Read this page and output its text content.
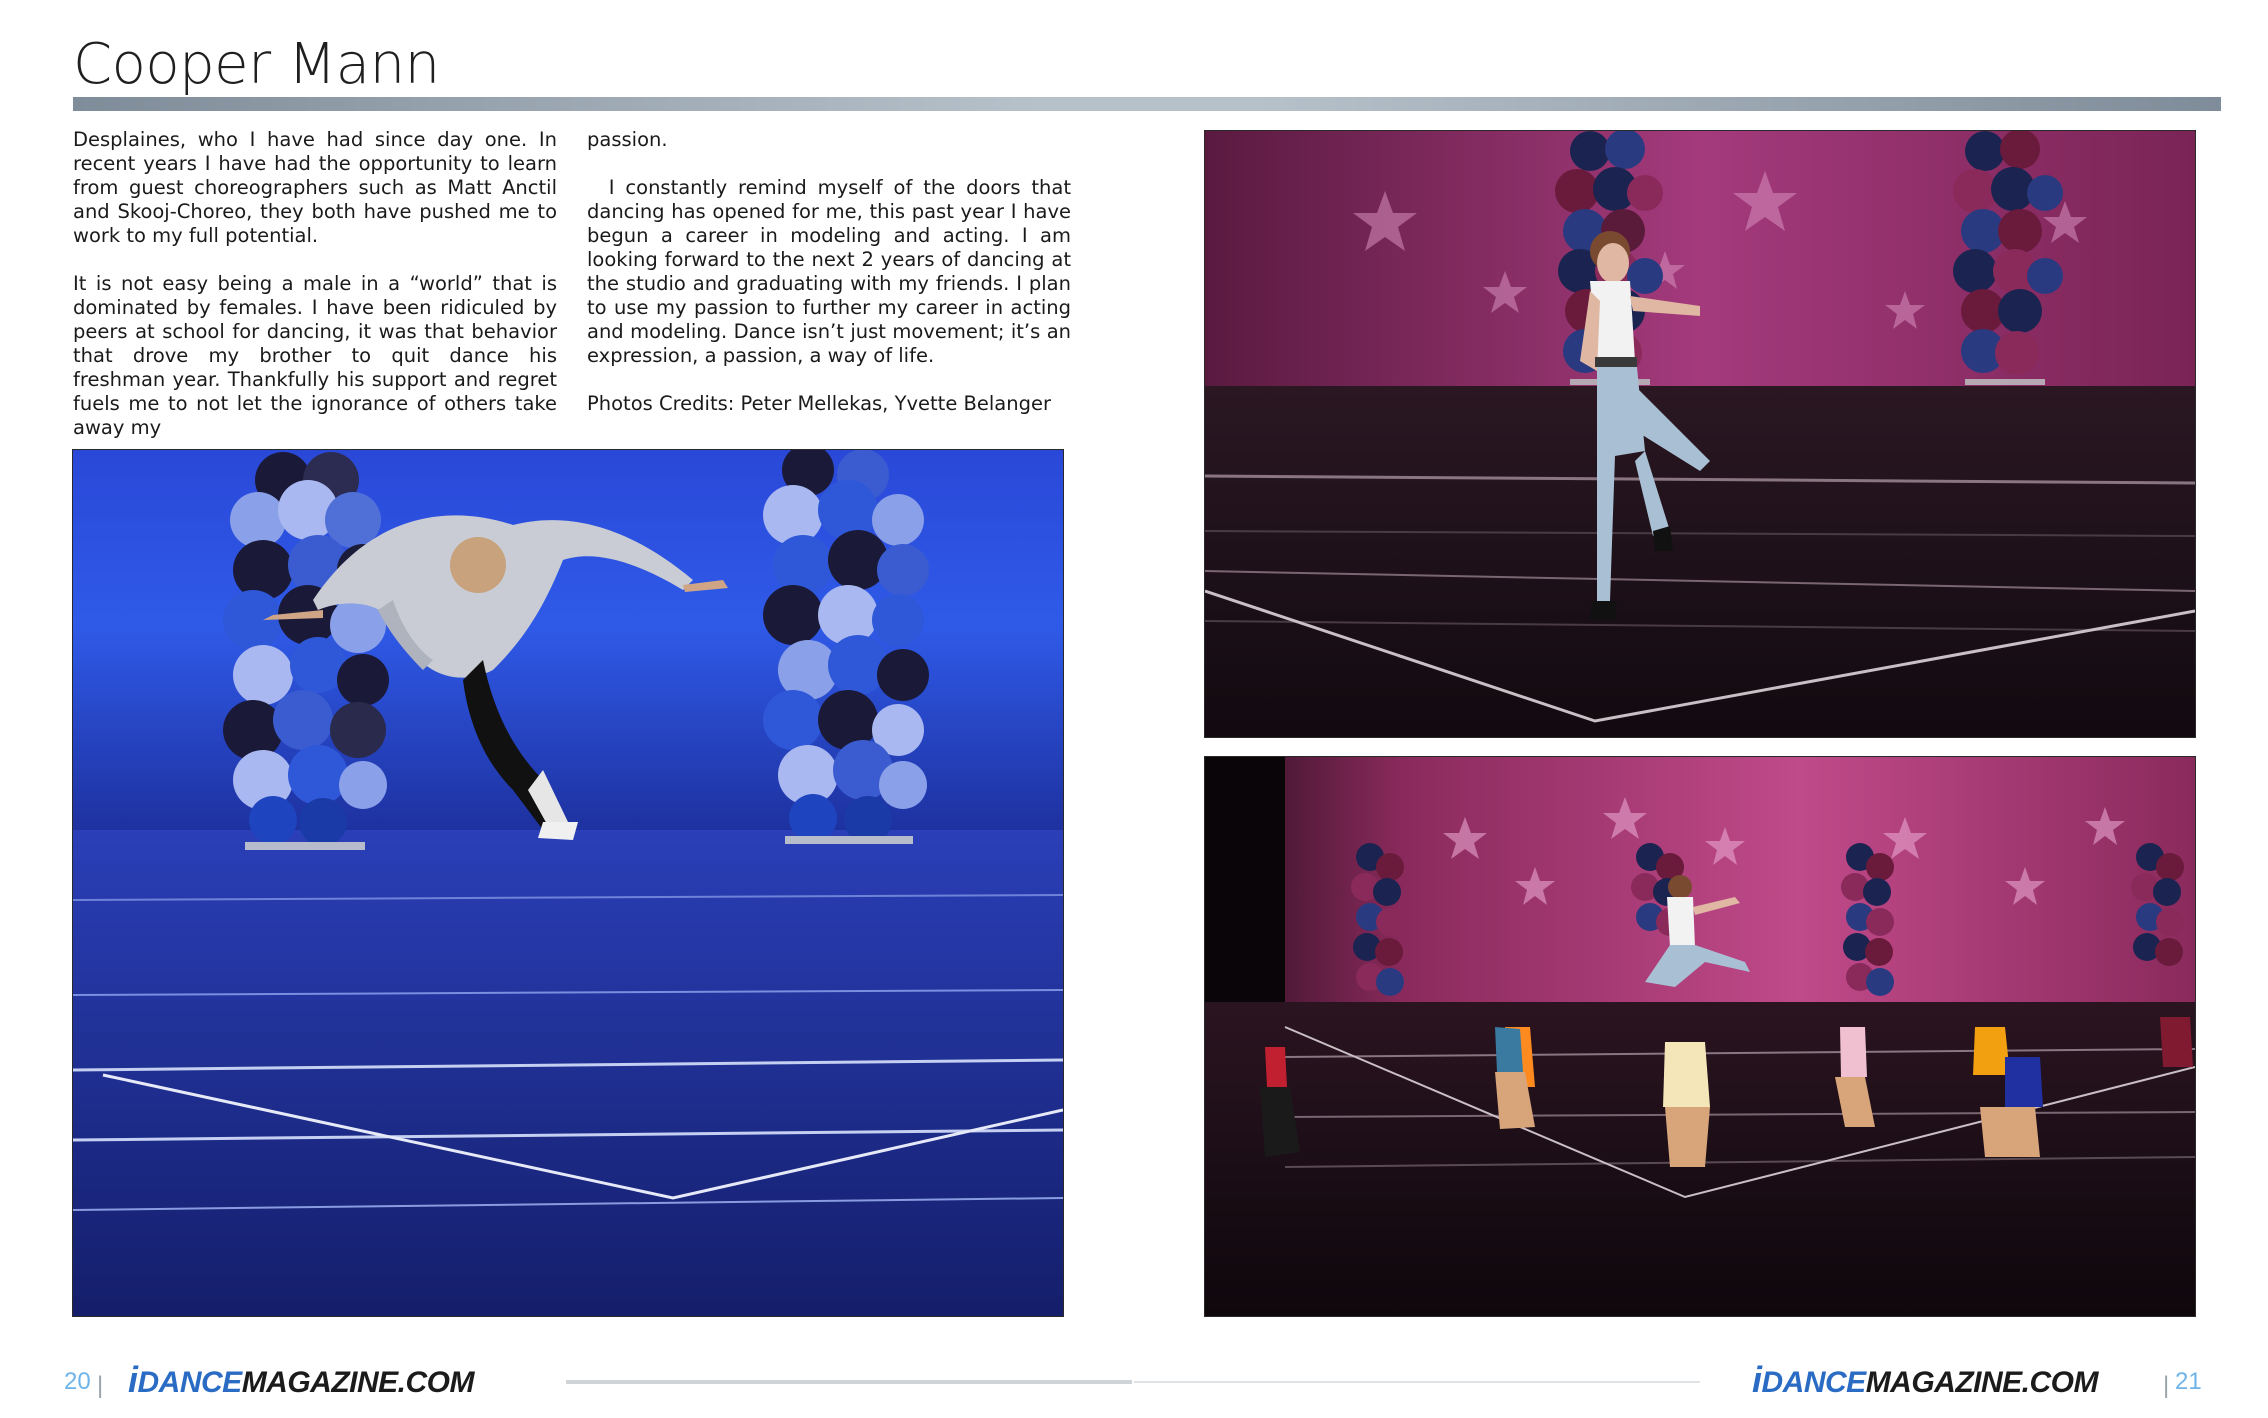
Cooper Mann

Desplaines, who I have had since day one. In recent years I have had the opportunity to learn from guest choreographers such as Matt Anctil and Skooj-Choreo, they both have pushed me to work to my full potential.

It is not easy being a male in a “world” that is dominated by females. I have been ridiculed by peers at school for dancing, it was that behavior that drove my brother to quit dance his freshman year. Thankfully his support and regret fuels me to not let the ignorance of others take away my

passion.

I constantly remind myself of the doors that dancing has opened for me, this past year I have begun a career in modeling and acting. I am looking forward to the next 2 years of dancing at the studio and graduating with my friends. I plan to use my passion to further my career in acting and modeling. Dance isn’t just movement; it’s an expression, a passion, a way of life.

Photos Credits: Peter Mellekas, Yvette Belanger

20 | iDANCEMAGAZINE.COM	iDANCEMAGAZINE.COM	| 21
